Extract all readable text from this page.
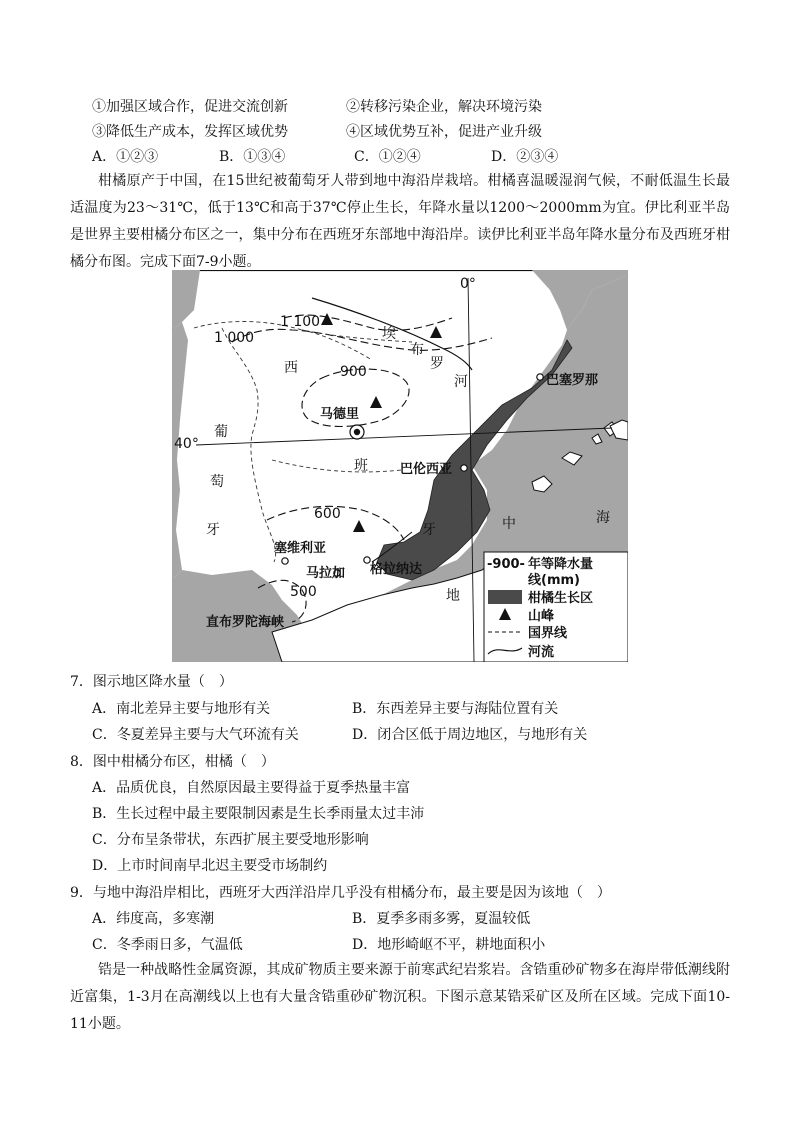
①加强区域合作，促进交流创新	②转移污染企业，解决环境污染
③降低生产成本，发挥区域优势	④区域优势互补，促进产业升级
A．①②③	B．①③④	C．①②④	D．②③④
柑橘原产于中国，在15世纪被葡萄牙人带到地中海沿岸栽培。柑橘喜温暖湿润气候，不耐低温生长最适温度为23～31℃，低于13℃和高于37℃停止生长，年降水量以1200～2000mm为宜。伊比利亚半岛是世界主要柑橘分布区之一，集中分布在西班牙东部地中海沿岸。读伊比利亚半岛年降水量分布及西班牙柑橘分布图。完成下面7-9小题。
0°
40°
1 100
1 000
900
600
500
西
班
牙
葡
萄
牙
埃
布
罗
河
中	海
地
马德里
巴塞罗那
巴伦西亚
塞维利亚
马拉加 格拉纳达
直布罗陀海峡
-900- 年等降水量
线(mm)
柑橘生长区
山峰
国界线
河流
7．图示地区降水量（　）
A．南北差异主要与地形有关	B．东西差异主要与海陆位置有关
C．冬夏差异主要与大气环流有关	D．闭合区低于周边地区，与地形有关
8．图中柑橘分布区，柑橘（　）
A．品质优良，自然原因最主要得益于夏季热量丰富
B．生长过程中最主要限制因素是生长季雨量太过丰沛
C．分布呈条带状，东西扩展主要受地形影响
D．上市时间南早北迟主要受市场制约
9．与地中海沿岸相比，西班牙大西洋沿岸几乎没有柑橘分布，最主要是因为该地（　）
A．纬度高，多寒潮	B．夏季多雨多雾，夏温较低
C．冬季雨日多，气温低	D．地形崎岖不平，耕地面积小
锆是一种战略性金属资源，其成矿物质主要来源于前寒武纪岩浆岩。含锆重砂矿物多在海岸带低潮线附近富集，1-3月在高潮线以上也有大量含锆重砂矿物沉积。下图示意某锆采矿区及所在区域。完成下面10-11小题。
